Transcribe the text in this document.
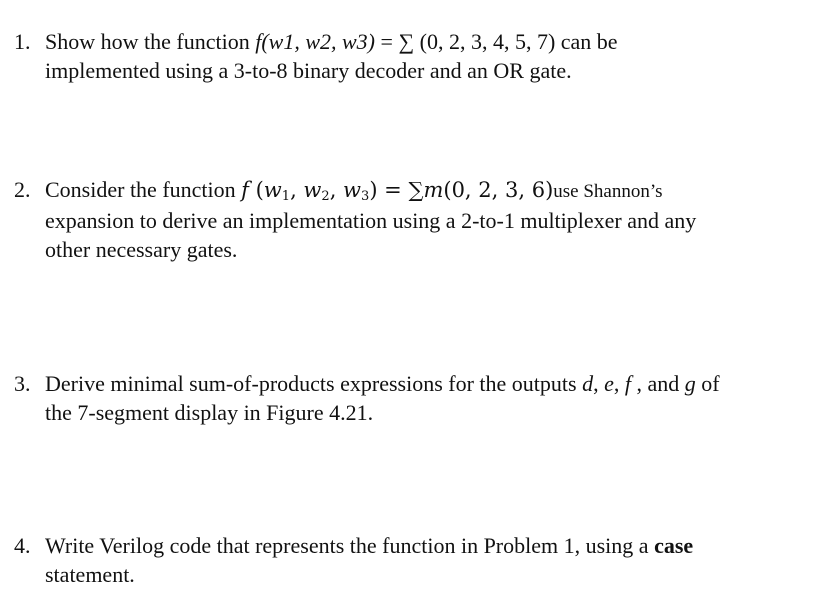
1. Show how the function f(w1, w2, w3) = ∑ (0, 2, 3, 4, 5, 7) can be
implemented using a 3-to-8 binary decoder and an OR gate.
2. Consider the function f ($w_1$, $w_2$, $w_3) = \sum m(0$, 2, 3, 6)use Shannon’s
expansion to derive an implementation using a 2-to-1 multiplexer and any
other necessary gates.
3. Derive minimal sum-of-products expressions for the outputs d, e, f , and g of
the 7-segment display in Figure 4.21.
4. Write Verilog code that represents the function in Problem 1, using a case
statement.
